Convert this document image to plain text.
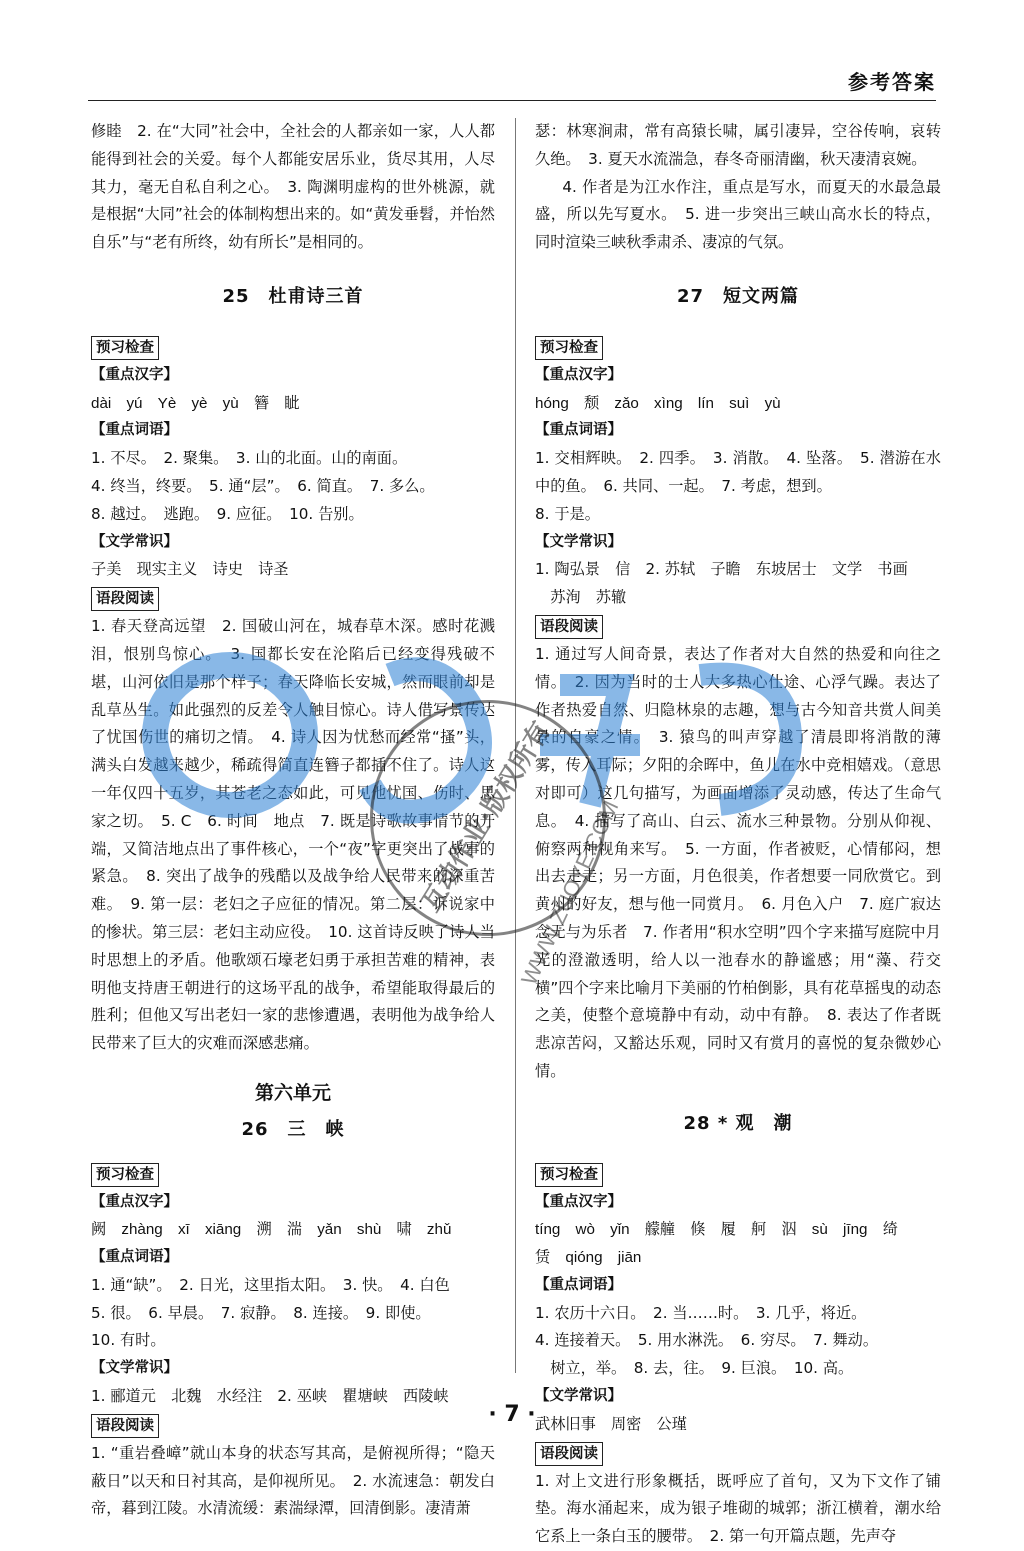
参考答案

修睦　2. 在“大同”社会中，全社会的人都亲如一家，人人都能得到社会的关爱。每个人都能安居乐业，货尽其用，人尽其力，毫无自私自利之心。　3. 陶渊明虚构的世外桃源，就是根据“大同”社会的体制构想出来的。如“黄发垂髫，并怡然自乐”与“老有所终，幼有所长”是相同的。

25　杜甫诗三首
预习检查
【重点汉字】
dài　yú　Yè　yè　yù　簪　眦
【重点词语】
1. 不尽。　2. 聚集。　3. 山的北面。山的南面。
4. 终当，终要。　5. 通“层”。　6. 简直。　7. 多么。
8. 越过。　逃跑。　9. 应征。　10. 告别。
【文学常识】
子美　现实主义　诗史　诗圣
语段阅读

1. 春天登高远望　2. 国破山河在，城春草木深。感时花溅泪，恨别鸟惊心。　3. 国都长安在沦陷后已经变得残破不堪，山河依旧是那个样子；春天降临长安城，然而眼前却是乱草丛生。如此强烈的反差令人触目惊心。诗人借写景传达了忧国伤世的痛切之情。　4. 诗人因为忧愁而经常“搔”头，满头白发越来越少，稀疏得简直连簪子都插不住了。诗人这一年仅四十五岁，其苍老之态如此，可见他忧国、伤时、思家之切。　5. C　6. 时间　地点　7. 既是诗歌故事情节的开端，又简洁地点出了事件核心，一个“夜”字更突出了战事的紧急。　8. 突出了战争的残酷以及战争给人民带来的深重苦难。　9. 第一层：老妇之子应征的情况。第二层：诉说家中的惨状。第三层：老妇主动应役。　10. 这首诗反映了诗人当时思想上的矛盾。他歌颂石壕老妇勇于承担苦难的精神，表明他支持唐王朝进行的这场平乱的战争，希望能取得最后的胜利；但他又写出老妇一家的悲惨遭遇，表明他为战争给人民带来了巨大的灾难而深感悲痛。

第六单元
26　三　峡
预习检查
【重点汉字】
阙　zhàng　xī　xiāng　溯　湍　yǎn　shù　啸　zhǔ
【重点词语】
1. 通“缺”。　2. 日光，这里指太阳。　3. 快。　4. 白色
5. 很。　6. 早晨。　7. 寂静。　8. 连接。　9. 即使。
10. 有时。
【文学常识】
1. 郦道元　北魏　水经注　2. 巫峡　瞿塘峡　西陵峡
语段阅读

1. “重岩叠嶂”就山本身的状态写其高，是俯视所得；“隐天蔽日”以天和日衬其高，是仰视所见。　2. 水流速急：朝发白帝，暮到江陵。水清流缓：素湍绿潭，回清倒影。凄清萧

瑟：林寒涧肃，常有高猿长啸，属引凄异，空谷传响，哀转久绝。　3. 夏天水流湍急，春冬奇丽清幽，秋天凄清哀婉。

4. 作者是为江水作注，重点是写水，而夏天的水最急最盛，所以先写夏水。　5. 进一步突出三峡山高水长的特点，同时渲染三峡秋季肃杀、凄凉的气氛。

27　短文两篇
预习检查
【重点汉字】
hóng　颓　zǎo　xìng　lín　suì　yù
【重点词语】

1. 交相辉映。　2. 四季。　3. 消散。　4. 坠落。　5. 潜游在水中的鱼。　6. 共同、一起。　7. 考虑，想到。

8. 于是。
【文学常识】
1. 陶弘景　信　2. 苏轼　子瞻　东坡居士　文学　书画
苏洵　苏辙
语段阅读

1. 通过写人间奇景，表达了作者对大自然的热爱和向往之情。　2. 因为当时的士人大多热心仕途、心浮气躁。表达了作者热爱自然、归隐林泉的志趣，想与古今知音共赏人间美景的自豪之情。　3. 猿鸟的叫声穿越了清晨即将消散的薄雾，传入耳际；夕阳的余晖中，鱼儿在水中竞相嬉戏。（意思对即可）这几句描写，为画面增添了灵动感，传达了生命气息。　4. 描写了高山、白云、流水三种景物。分别从仰视、俯察两种视角来写。　5. 一方面，作者被贬，心情郁闷，想出去走走；另一方面，月色很美，作者想要一同欣赏它。到黄州的好友，想与他一同赏月。　6. 月色入户　7. 庭广寂达　念无与为乐者　7. 作者用“积水空明”四个字来描写庭院中月光的澄澈透明，给人以一池春水的静谧感；用“藻、荇交横”四个字来比喻月下美丽的竹柏倒影，具有花草摇曳的动态之美，使整个意境静中有动，动中有静。　8. 表达了作者既悲凉苦闷，又豁达乐观，同时又有赏月的喜悦的复杂微妙心情。

28 * 观　潮
预习检查
【重点汉字】
tíng　wò　yǐn　艨艟　倏　履　舸　泅　sù　jīng　绮
赁　qióng　jiān
【重点词语】
1. 农历十六日。　2. 当……时。　3. 几乎，将近。
4. 连接着天。　5. 用水淋洗。　6. 穷尽。　7. 舞动。
树立，举。　8. 去，往。　9. 巨浪。　10. 高。
【文学常识】
武林旧事　周密　公瑾
语段阅读

1. 对上文进行形象概括，既呼应了首句，又为下文作了铺垫。海水涌起来，成为银子堆砌的城郭；浙江横着，潮水给它系上一条白玉的腰带。　2. 第一句开篇点题，先声夺

互动作业·版权所有
WWW.ZUOYE.COM
· 7 ·
